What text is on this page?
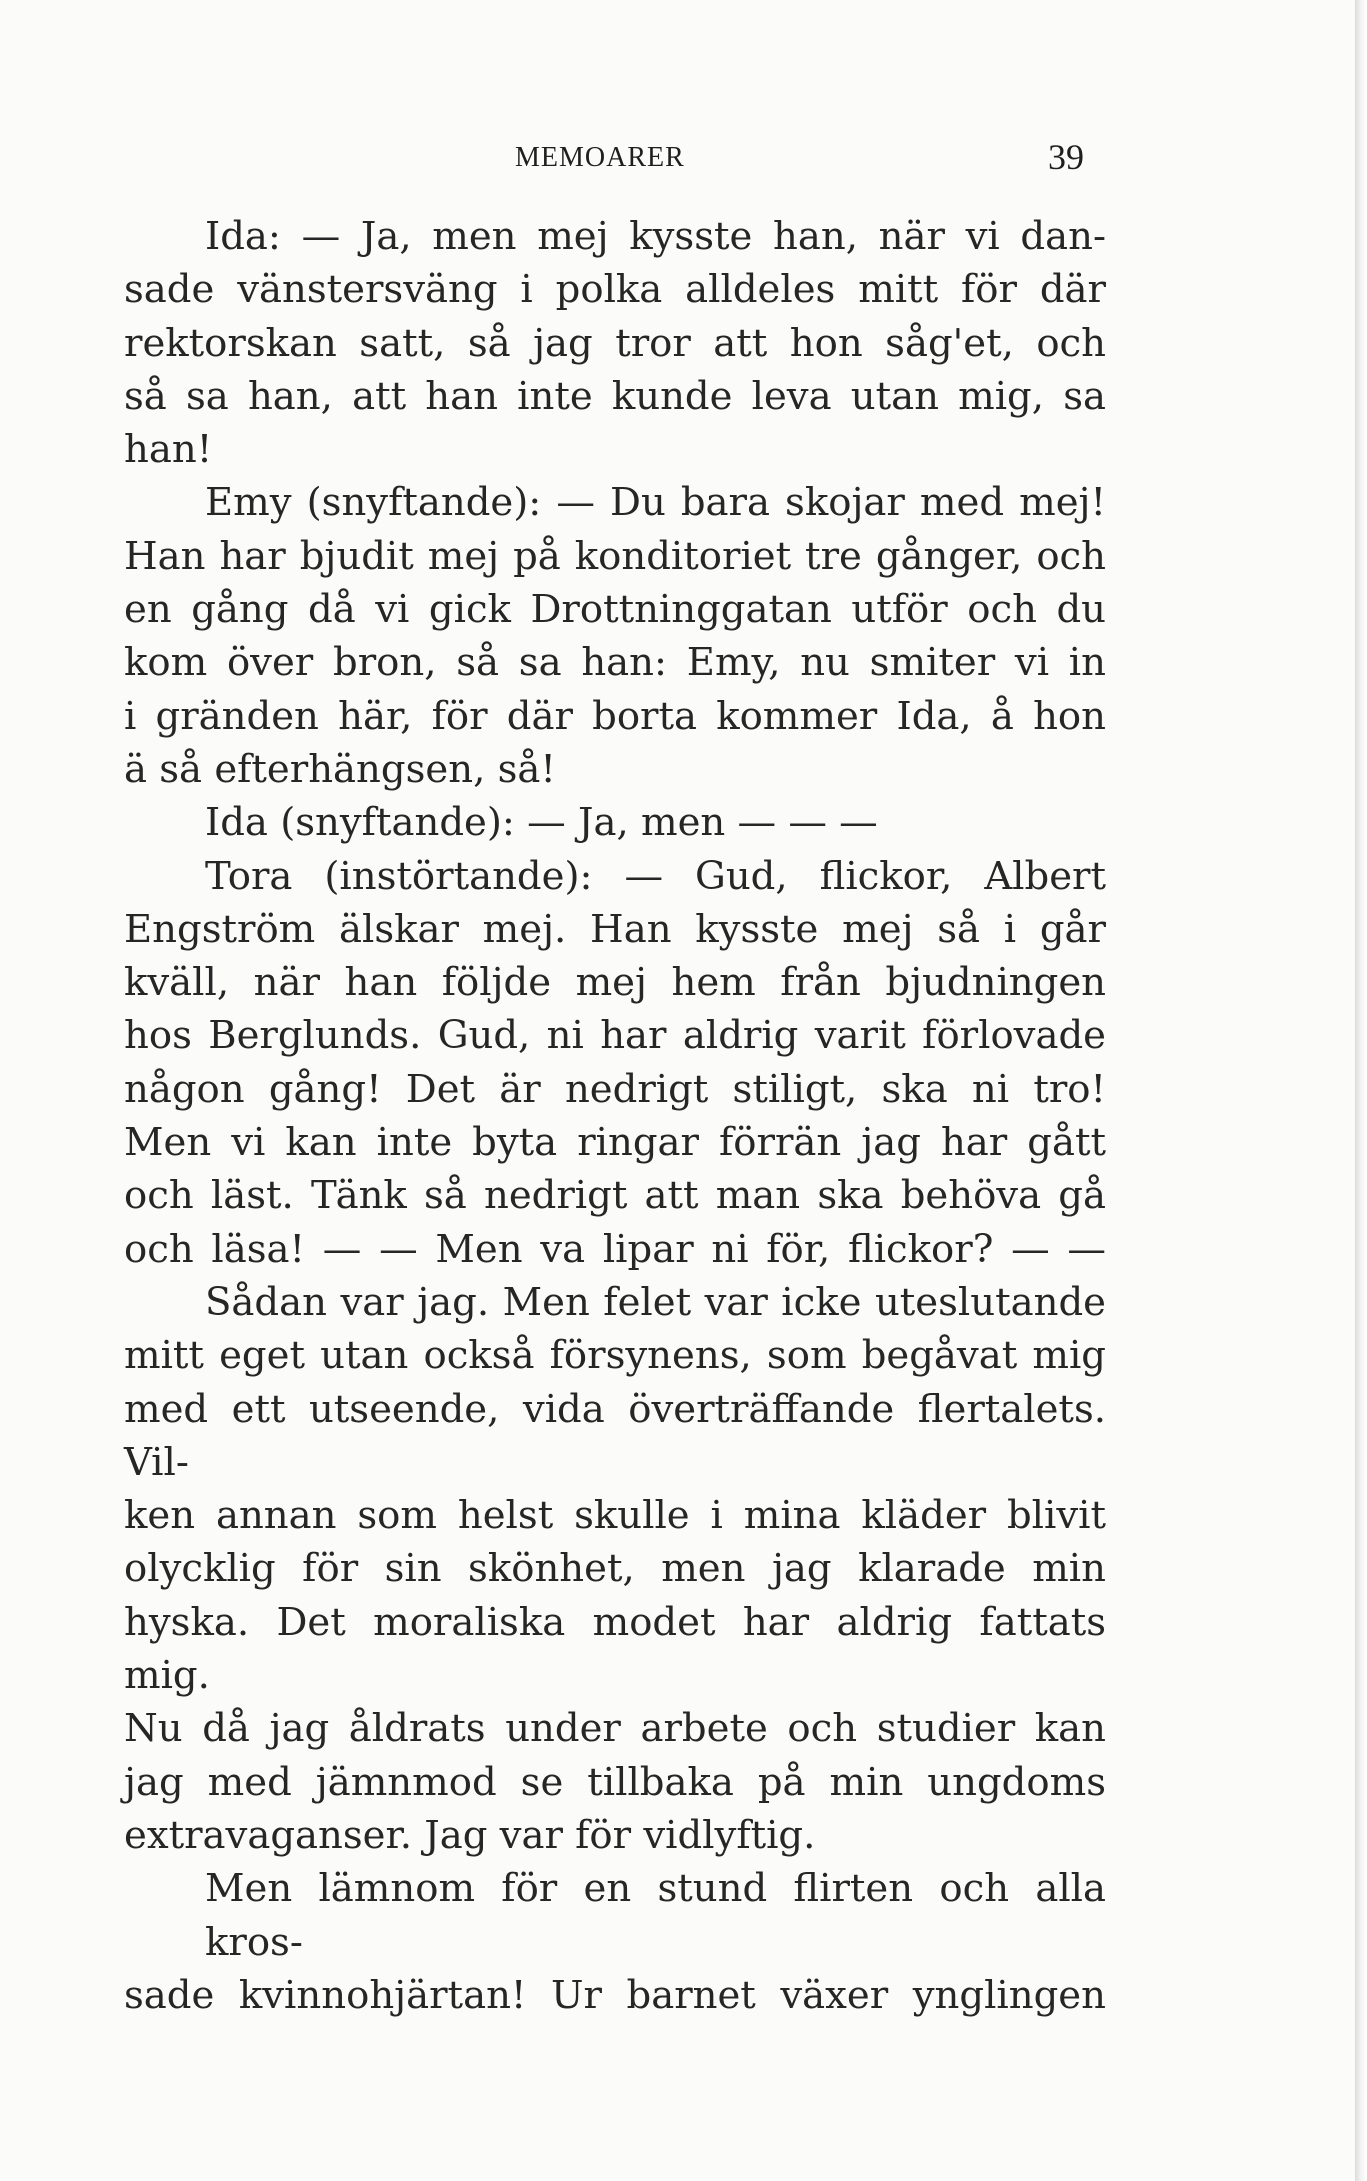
MEMOARER	39
Ida: — Ja, men mej kysste han, när vi dan-
sade vänstersväng i polka alldeles mitt för där
rektorskan satt, så jag tror att hon såg'et, och
så sa han, att han inte kunde leva utan mig, sa
han!
Emy (snyftande): — Du bara skojar med mej!
Han har bjudit mej på konditoriet tre gånger, och
en gång då vi gick Drottninggatan utför och du
kom över bron, så sa han: Emy, nu smiter vi in
i gränden här, för där borta kommer Ida, å hon
ä så efterhängsen, så!
Ida (snyftande): — Ja, men — — —
Tora (instörtande): — Gud, flickor, Albert
Engström älskar mej. Han kysste mej så i går
kväll, när han följde mej hem från bjudningen
hos Berglunds. Gud, ni har aldrig varit förlovade
någon gång! Det är nedrigt stiligt, ska ni tro!
Men vi kan inte byta ringar förrän jag har gått
och läst. Tänk så nedrigt att man ska behöva gå
och läsa! — — Men va lipar ni för, flickor? — —
Sådan var jag. Men felet var icke uteslutande
mitt eget utan också försynens, som begåvat mig
med ett utseende, vida överträffande flertalets. Vil-
ken annan som helst skulle i mina kläder blivit
olycklig för sin skönhet, men jag klarade min
hyska. Det moraliska modet har aldrig fattats mig.
Nu då jag åldrats under arbete och studier kan
jag med jämnmod se tillbaka på min ungdoms
extravaganser. Jag var för vidlyftig.
Men lämnom för en stund flirten och alla kros-
sade kvinnohjärtan! Ur barnet växer ynglingen
